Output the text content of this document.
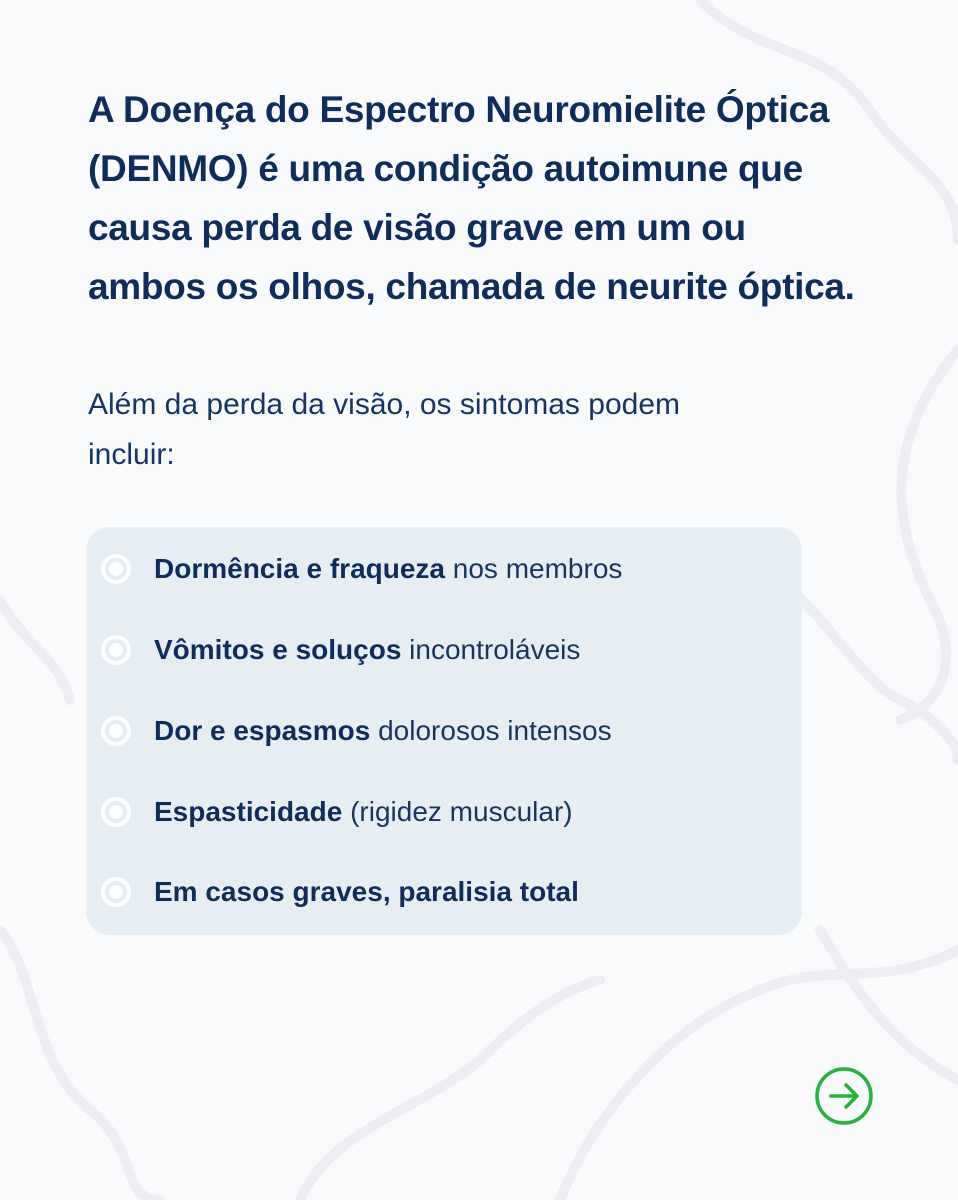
A Doença do Espectro Neuromielite Óptica (DENMO) é uma condição autoimune que causa perda de visão grave em um ou ambos os olhos, chamada de neurite óptica.

Além da perda da visão, os sintomas podem incluir:

Dormência e fraqueza nos membros
Vômitos e soluços incontroláveis
Dor e espasmos dolorosos intensos
Espasticidade (rigidez muscular)
Em casos graves, paralisia total
